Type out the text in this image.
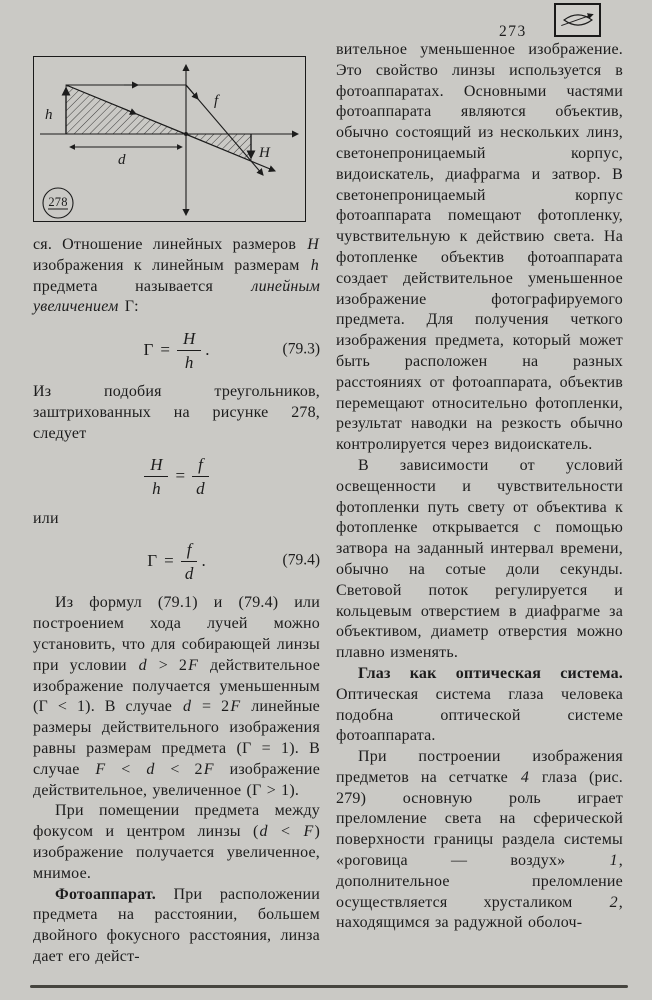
273
h
d
f
H
278

ся. Отношение линейных размеров H изображения к линейным размерам h предмета называется линейным увеличением Г:

$Г = \frac{H}{h}$ .	(79.3)

Из подобия треугольников, заштрихованных на рисунке 278, следует

$\frac{H}{h} = \frac{f}{d}$

или

$Г = \frac{f}{d}$ .	(79.4)

Из формул (79.1) и (79.4) или построением хода лучей можно установить, что для собирающей линзы при условии d > 2F действительное изображение получается уменьшенным (Г < 1). В случае d = 2F линейные размеры действительного изображения равны размерам предмета (Г = 1). В случае F < d < 2F изображение действительное, увеличенное (Г > 1).

При помещении предмета между фокусом и центром линзы (d < F) изображение получается увеличенное, мнимое.

Фотоаппарат. При расположении предмета на расстоянии, большем двойного фокусного расстояния, линза дает его дейст-

вительное уменьшенное изображение. Это свойство линзы используется в фотоаппаратах. Основными частями фотоаппарата являются объектив, обычно состоящий из нескольких линз, светонепроницаемый корпус, видоискатель, диафрагма и затвор. В светонепроницаемый корпус фотоаппарата помещают фотопленку, чувствительную к действию света. На фотопленке объектив фотоаппарата создает действительное уменьшенное изображение фотографируемого предмета. Для получения четкого изображения предмета, который может быть расположен на разных расстояниях от фотоаппарата, объектив перемещают относительно фотопленки, результат наводки на резкость обычно контролируется через видоискатель.

В зависимости от условий освещенности и чувствительности фотопленки путь свету от объектива к фотопленке открывается с помощью затвора на заданный интервал времени, обычно на сотые доли секунды. Световой поток регулируется и кольцевым отверстием в диафрагме за объективом, диаметр отверстия можно плавно изменять.

Глаз как оптическая система. Оптическая система глаза человека подобна оптической системе фотоаппарата.

При построении изображения предметов на сетчатке 4 глаза (рис. 279) основную роль играет преломление света на сферической поверхности границы раздела системы «роговица — воздух» 1, дополнительное преломление осуществляется хрусталиком 2, находящимся за радужной оболоч-
